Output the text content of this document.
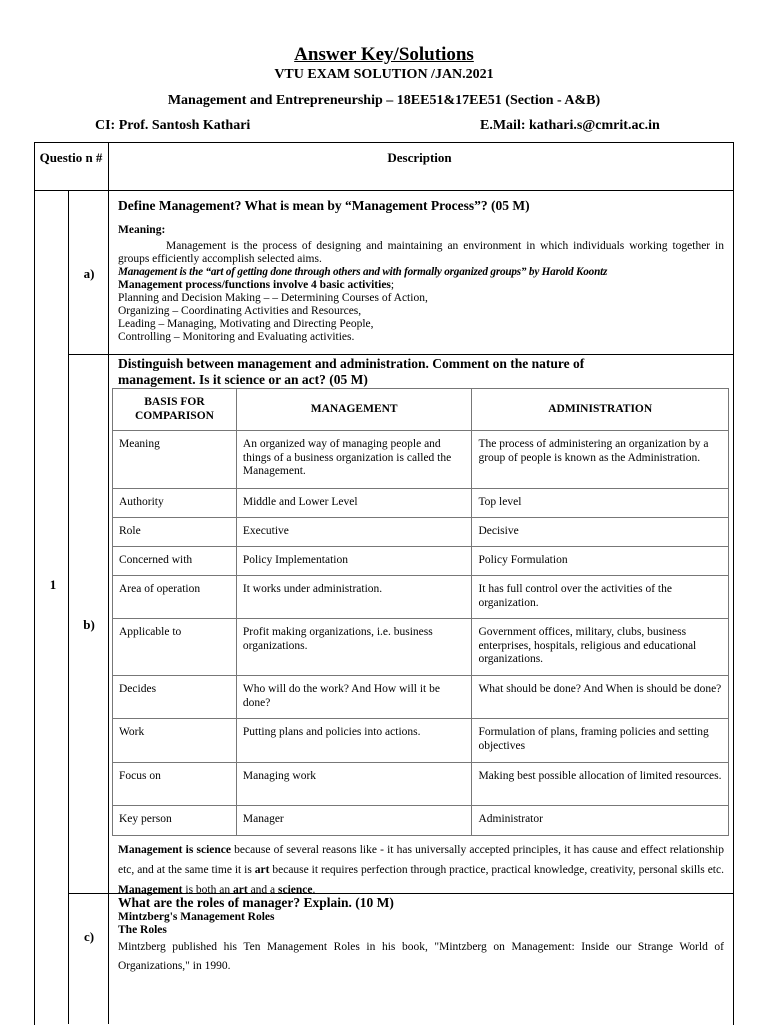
Answer Key/Solutions
VTU EXAM SOLUTION /JAN.2021
Management and Entrepreneurship – 18EE51&17EE51 (Section - A&B)
CI: Prof. Santosh Kathari	E.Mail: kathari.s@cmrit.ac.in
Questio n #	Description
1
a)
Define Management? What is mean by “Management Process”? (05 M)

Meaning:

Management is the process of designing and maintaining an environment in which individuals working together in groups efficiently accomplish selected aims.

Management is the “art of getting done through others and with formally organized groups” by Harold Koontz

Management process/functions involve 4 basic activities;

Planning and Decision Making – – Determining Courses of Action,

Organizing – Coordinating Activities and Resources,

Leading – Managing, Motivating and Directing People,

Controlling – Monitoring and Evaluating activities.

b)
Distinguish between management and administration. Comment on the nature of
management. Is it science or an act? (05 M)
BASIS FOR COMPARISON	MANAGEMENT	ADMINISTRATION
Meaning	An organized way of managing people and things of a business organization is called the Management.	The process of administering an organization by a group of people is known as the Administration.
Authority	Middle and Lower Level	Top level
Role	Executive	Decisive
Concerned with	Policy Implementation	Policy Formulation
Area of operation	It works under administration.	It has full control over the activities of the organization.
Applicable to	Profit making organizations, i.e. business organizations.	Government offices, military, clubs, business enterprises, hospitals, religious and educational organizations.
Decides	Who will do the work? And How will it be done?	What should be done? And When is should be done?
Work	Putting plans and policies into actions.	Formulation of plans, framing policies and setting objectives
Focus on	Managing work	Making best possible allocation of limited resources.
Key person	Manager	Administrator
Management is science because of several reasons like - it has universally accepted principles, it has cause and effect relationship etc, and at the same time it is art because it requires perfection through practice, practical knowledge, creativity, personal skills etc. Management is both an art and a science.
c)
What are the roles of manager? Explain. (10 M)

Mintzberg's Management Roles

The Roles

Mintzberg published his Ten Management Roles in his book, "Mintzberg on Management: Inside our Strange World of Organizations," in 1990.
